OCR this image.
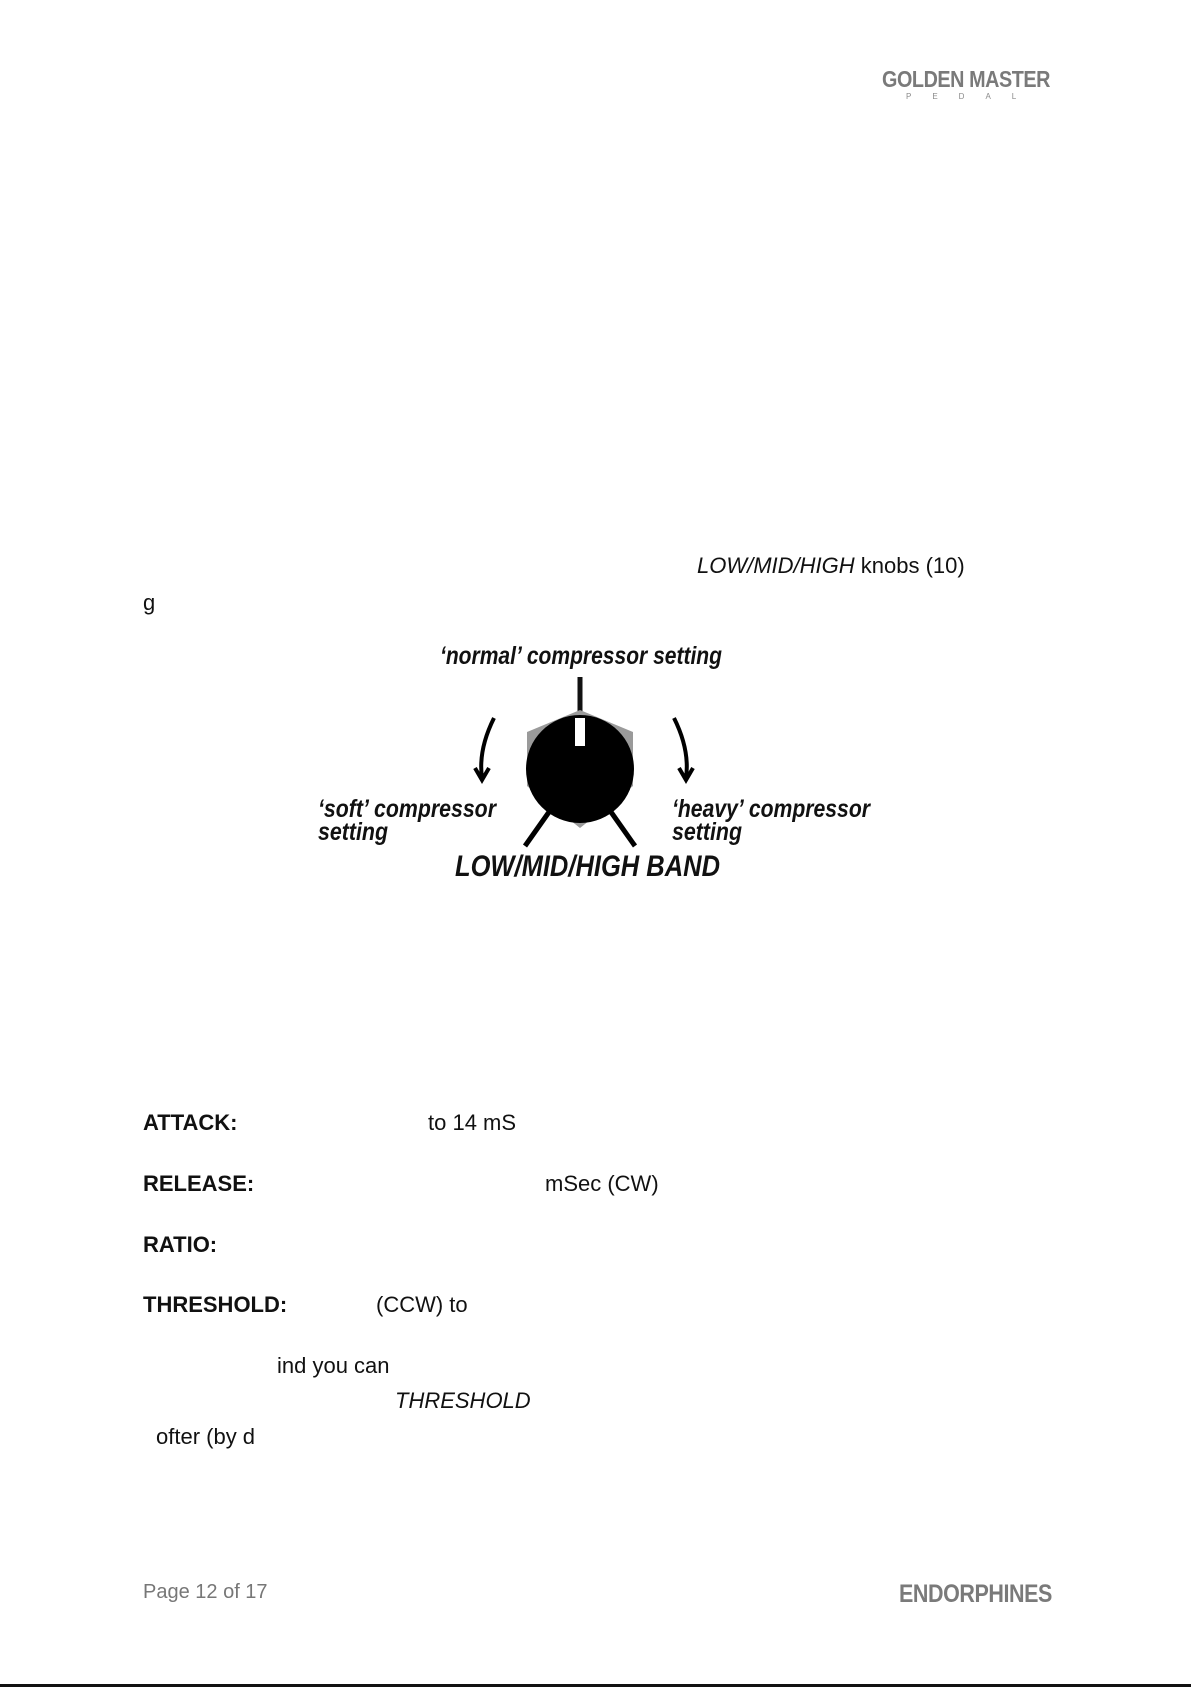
GOLDEN MASTER
PEDAL
LOW/MID/HIGH knobs (10)
g
‘normal’ compressor setting
‘soft’ compressor
setting
‘heavy’ compressor
setting
LOW/MID/HIGH BAND
ATTACK:	to 14 mS
RELEASE:	mSec (CW)
RATIO:
THRESHOLD:	(CCW) to
ind you can
THRESHOLD
ofter (by d
Page 12 of 17	ENDORPHINES
